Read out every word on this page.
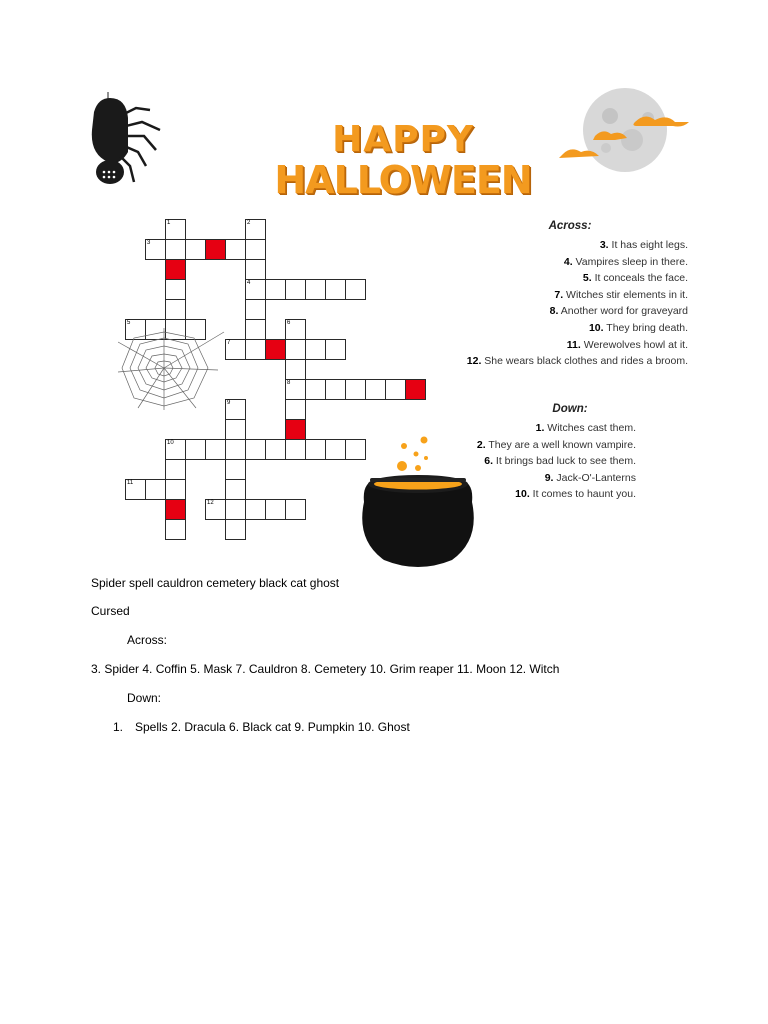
HAPPY
HALLOWEEN
3
4
5
7
8
10
11
12
1	2
6
9
Across:
3. It has eight legs.
4. Vampires sleep in there.
5. It conceals the face.
7. Witches stir elements in it.
8. Another word for graveyard
10. They bring death.
11. Werewolves howl at it.
12. She wears black clothes and rides a broom.
Down:
1. Witches cast them.
2. They are a well known vampire.
6. It brings bad luck to see them.
9. Jack-O'-Lanterns
10. It comes to haunt you.
Spider spell cauldron cemetery black cat ghost
Cursed
Across:
3. Spider 4. Coffin 5. Mask 7. Cauldron 8. Cemetery 10. Grim reaper 11. Moon 12. Witch
Down:
1. Spells 2. Dracula 6. Black cat 9. Pumpkin 10. Ghost
